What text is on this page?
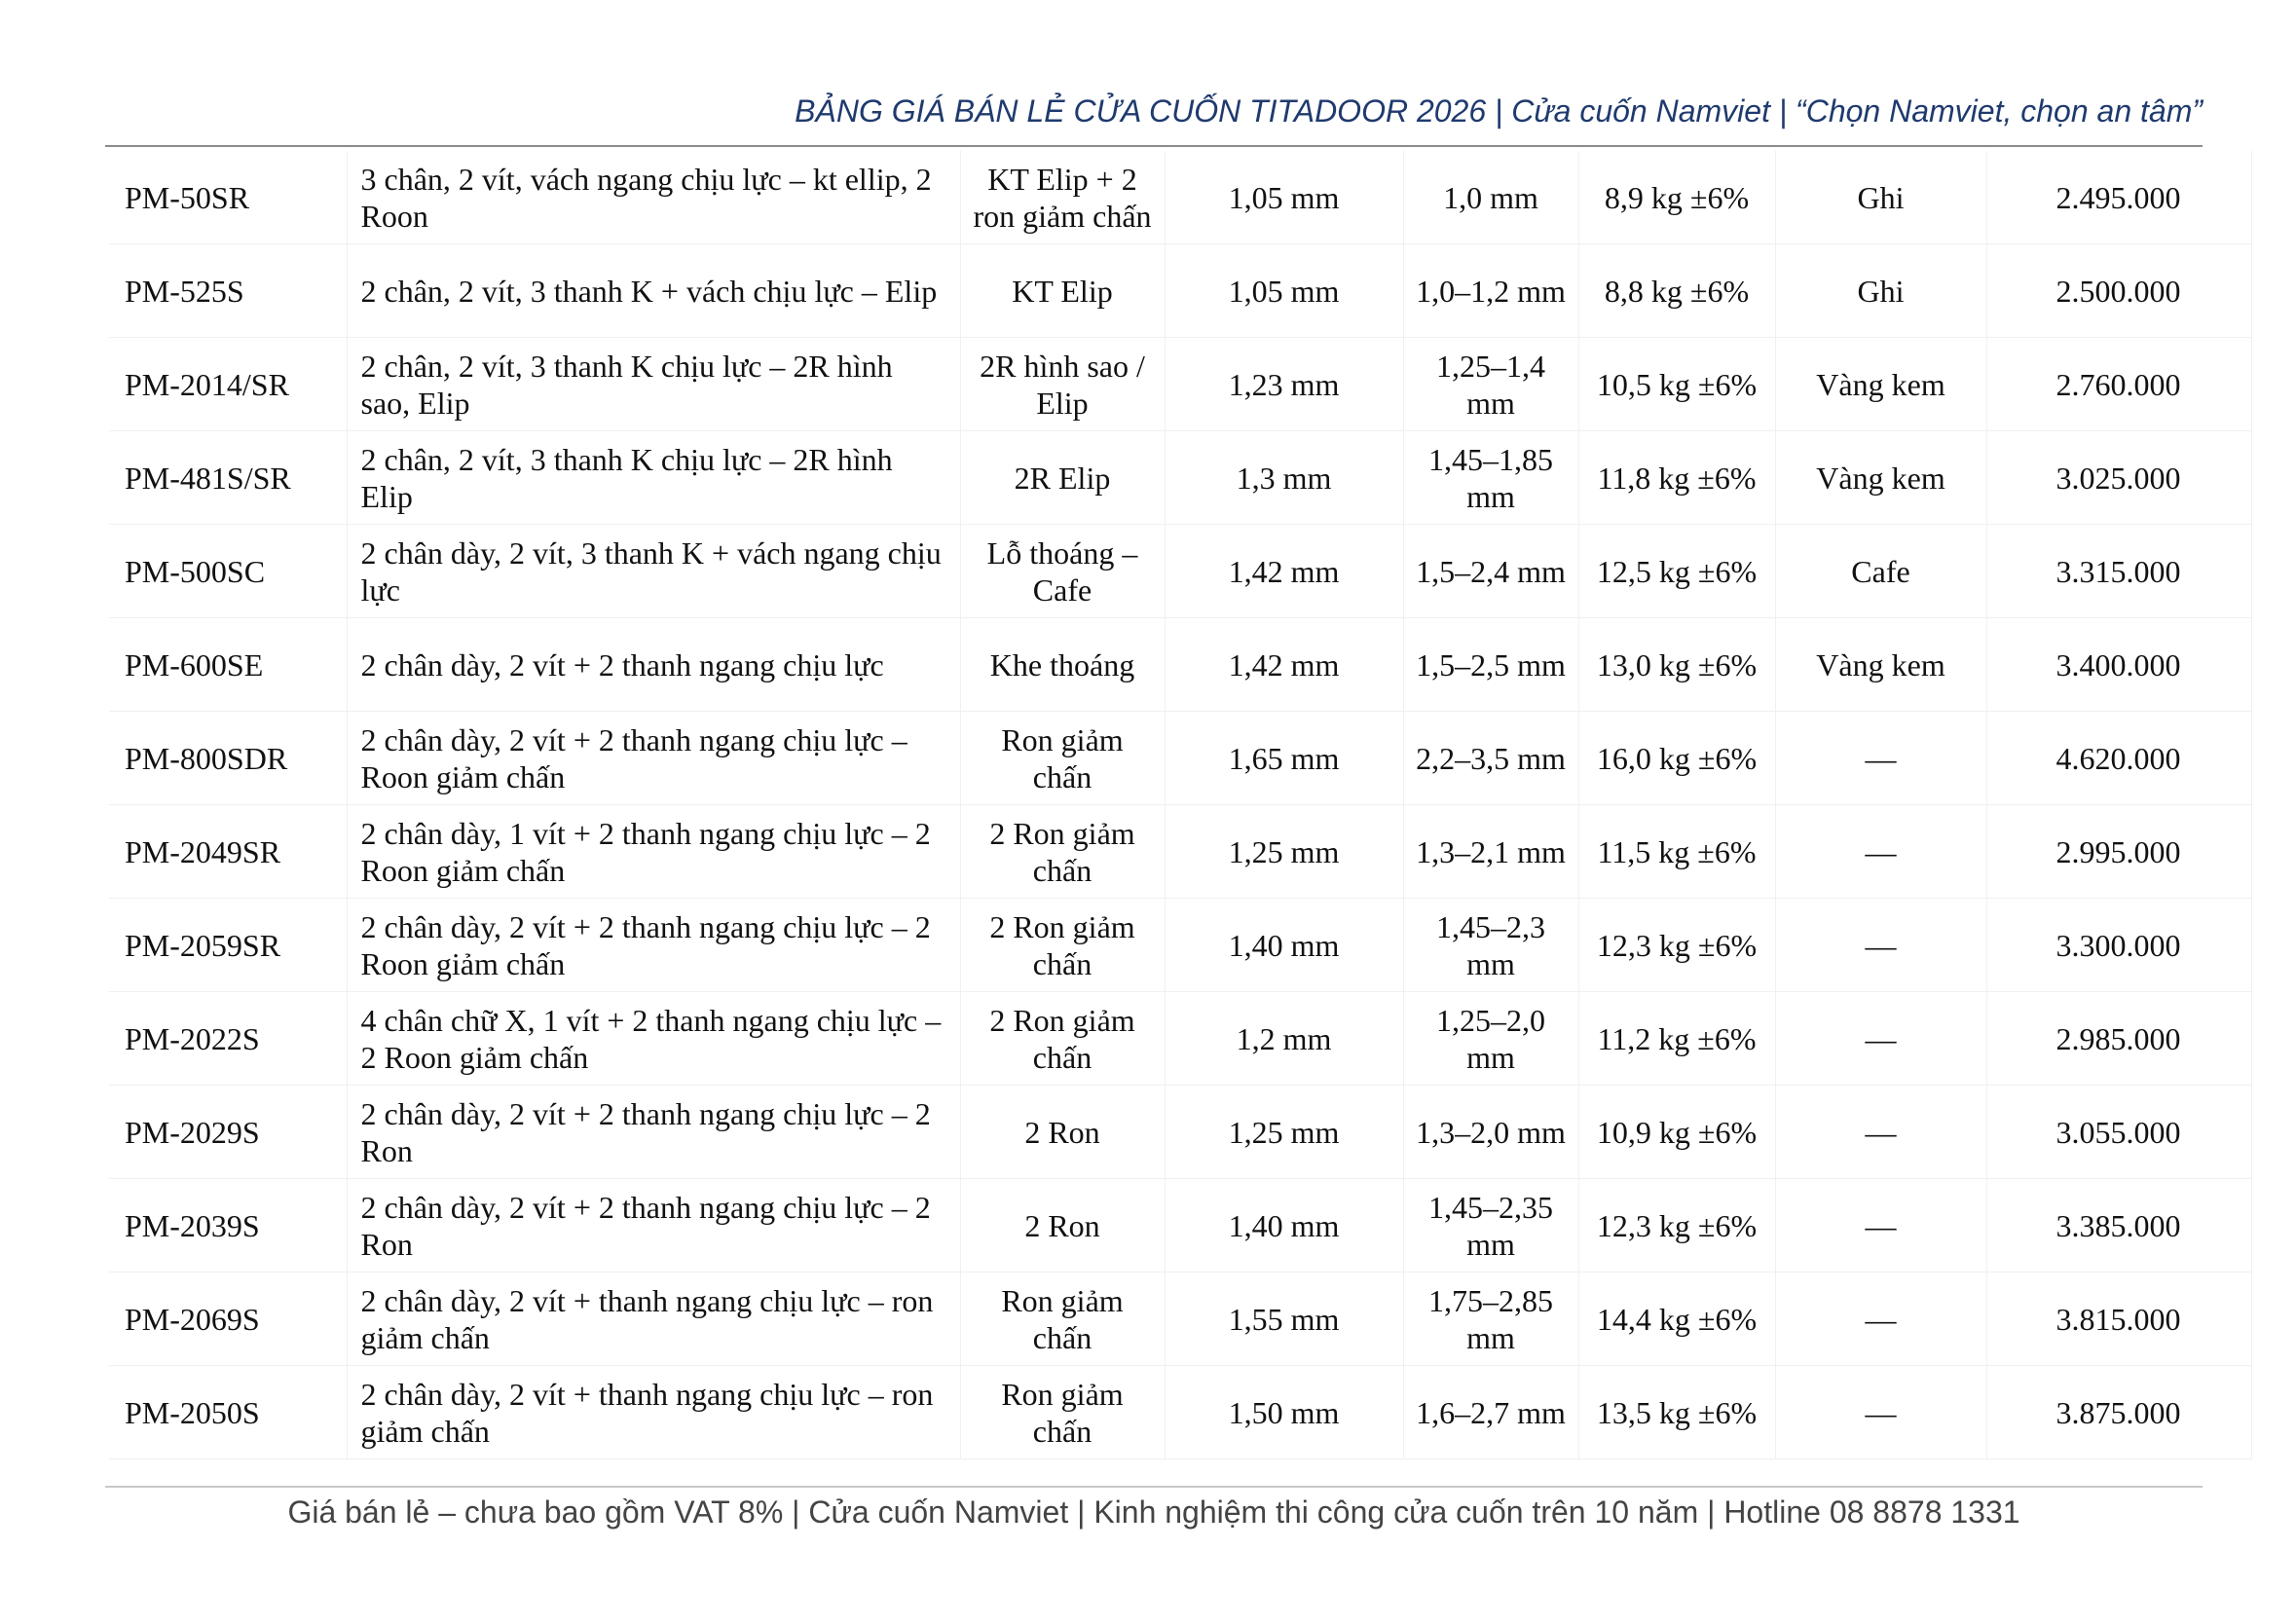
BẢNG GIÁ BÁN LẺ CỬA CUỐN TITADOOR 2026 | Cửa cuốn Namviet | “Chọn Namviet, chọn an tâm”
PM-50SR	3 chân, 2 vít, vách ngang chịu lực – kt ellip, 2 Roon	KT Elip + 2 ron giảm chấn	1,05 mm	1,0 mm	8,9 kg ±6%	Ghi	2.495.000
PM-525S	2 chân, 2 vít, 3 thanh K + vách chịu lực – Elip	KT Elip	1,05 mm	1,0–1,2 mm	8,8 kg ±6%	Ghi	2.500.000
PM-2014/SR	2 chân, 2 vít, 3 thanh K chịu lực – 2R hình sao, Elip	2R hình sao / Elip	1,23 mm	1,25–1,4 mm	10,5 kg ±6%	Vàng kem	2.760.000
PM-481S/SR	2 chân, 2 vít, 3 thanh K chịu lực – 2R hình Elip	2R Elip	1,3 mm	1,45–1,85 mm	11,8 kg ±6%	Vàng kem	3.025.000
PM-500SC	2 chân dày, 2 vít, 3 thanh K + vách ngang chịu lực	Lỗ thoáng – Cafe	1,42 mm	1,5–2,4 mm	12,5 kg ±6%	Cafe	3.315.000
PM-600SE	2 chân dày, 2 vít + 2 thanh ngang chịu lực	Khe thoáng	1,42 mm	1,5–2,5 mm	13,0 kg ±6%	Vàng kem	3.400.000
PM-800SDR	2 chân dày, 2 vít + 2 thanh ngang chịu lực – Roon giảm chấn	Ron giảm chấn	1,65 mm	2,2–3,5 mm	16,0 kg ±6%	—	4.620.000
PM-2049SR	2 chân dày, 1 vít + 2 thanh ngang chịu lực – 2 Roon giảm chấn	2 Ron giảm chấn	1,25 mm	1,3–2,1 mm	11,5 kg ±6%	—	2.995.000
PM-2059SR	2 chân dày, 2 vít + 2 thanh ngang chịu lực – 2 Roon giảm chấn	2 Ron giảm chấn	1,40 mm	1,45–2,3 mm	12,3 kg ±6%	—	3.300.000
PM-2022S	4 chân chữ X, 1 vít + 2 thanh ngang chịu lực – 2 Roon giảm chấn	2 Ron giảm chấn	1,2 mm	1,25–2,0 mm	11,2 kg ±6%	—	2.985.000
PM-2029S	2 chân dày, 2 vít + 2 thanh ngang chịu lực – 2 Ron	2 Ron	1,25 mm	1,3–2,0 mm	10,9 kg ±6%	—	3.055.000
PM-2039S	2 chân dày, 2 vít + 2 thanh ngang chịu lực – 2 Ron	2 Ron	1,40 mm	1,45–2,35 mm	12,3 kg ±6%	—	3.385.000
PM-2069S	2 chân dày, 2 vít + thanh ngang chịu lực – ron giảm chấn	Ron giảm chấn	1,55 mm	1,75–2,85 mm	14,4 kg ±6%	—	3.815.000
PM-2050S	2 chân dày, 2 vít + thanh ngang chịu lực – ron giảm chấn	Ron giảm chấn	1,50 mm	1,6–2,7 mm	13,5 kg ±6%	—	3.875.000
Giá bán lẻ – chưa bao gồm VAT 8% | Cửa cuốn Namviet | Kinh nghiệm thi công cửa cuốn trên 10 năm | Hotline 08 8878 1331
